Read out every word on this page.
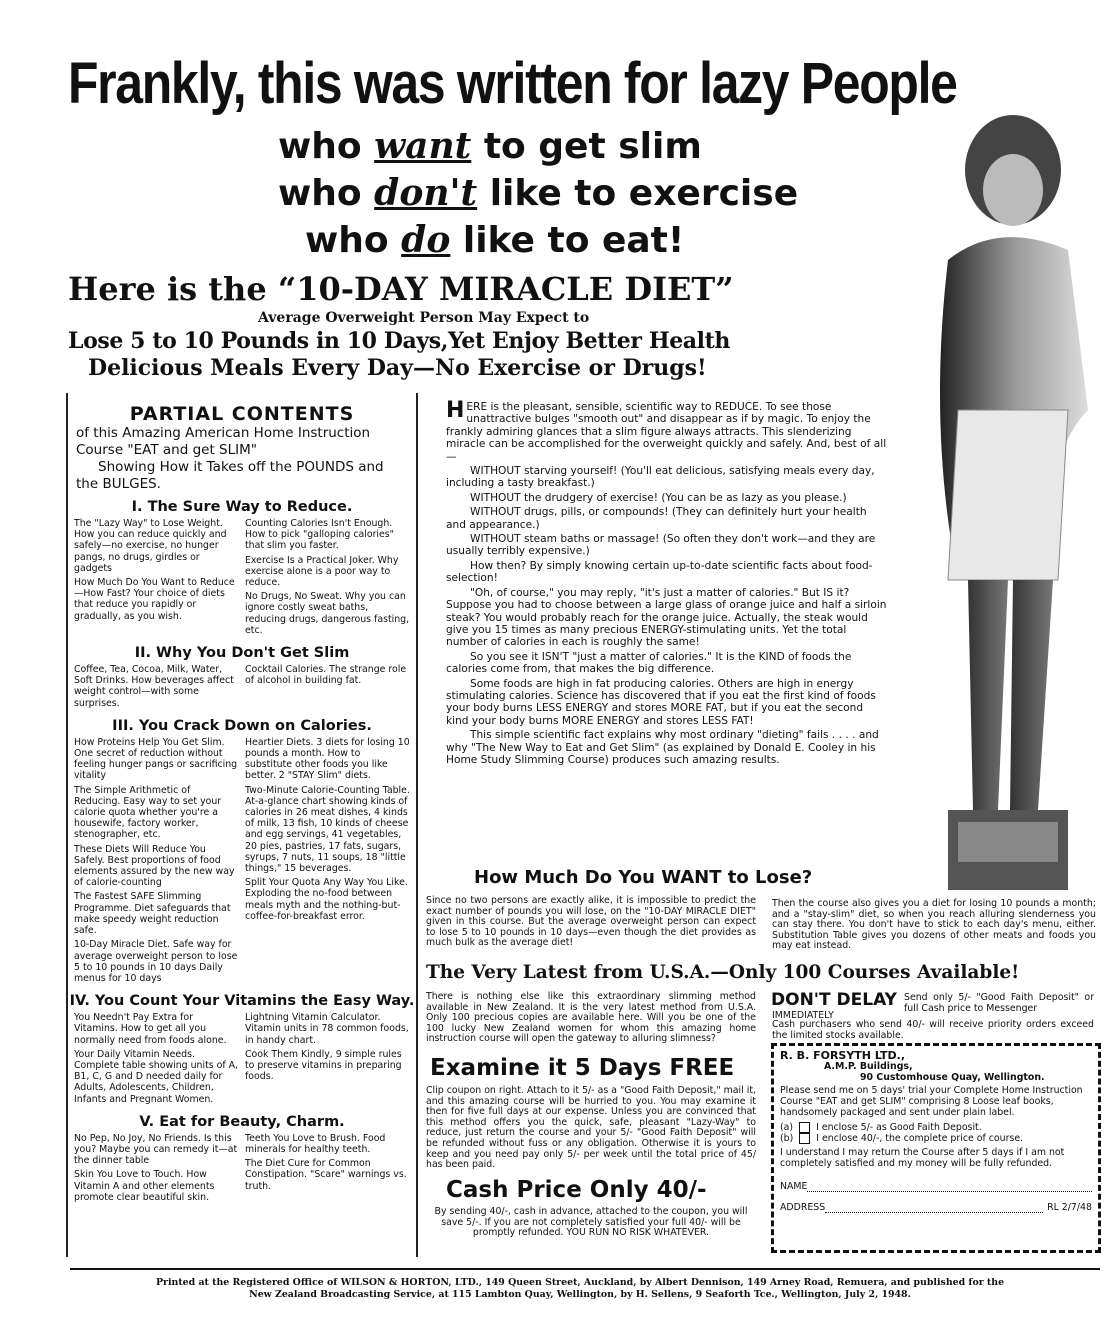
Frankly, this was written for lazy People
who want to get slim
who don't like to exercise
who do like to eat!
Here is the “10-DAY MIRACLE DIET”
Average Overweight Person May Expect to
Lose 5 to 10 Pounds in 10 Days,Yet Enjoy Better Health
Delicious Meals Every Day—No Exercise or Drugs!
PARTIAL CONTENTS
of this Amazing American Home Instruction Course "EAT and get SLIM"
Showing How it Takes off the POUNDS and the BULGES.
I. The Sure Way to Reduce.

The "Lazy Way" to Lose Weight. How you can reduce quickly and safely—no exercise, no hunger pangs, no drugs, girdles or gadgets

How Much Do You Want to Reduce—How Fast? Your choice of diets that reduce you rapidly or gradually, as you wish.

Counting Calories Isn't Enough. How to pick "galloping calories" that slim you faster.

Exercise Is a Practical Joker. Why exercise alone is a poor way to reduce.

No Drugs, No Sweat. Why you can ignore costly sweat baths, reducing drugs, dangerous fasting, etc.

II. Why You Don't Get Slim

Coffee, Tea, Cocoa, Milk, Water, Soft Drinks. How beverages affect weight control—with some surprises.

Cocktail Calories. The strange role of alcohol in building fat.

III. You Crack Down on Calories.

How Proteins Help You Get Slim. One secret of reduction without feeling hunger pangs or sacrificing vitality

The Simple Arithmetic of Reducing. Easy way to set your calorie quota whether you're a housewife, factory worker, stenographer, etc.

These Diets Will Reduce You Safely. Best proportions of food elements assured by the new way of calorie-counting

The Fastest SAFE Slimming Programme. Diet safeguards that make speedy weight reduction safe.

10-Day Miracle Diet. Safe way for average overweight person to lose 5 to 10 pounds in 10 days Daily menus for 10 days

Heartier Diets. 3 diets for losing 10 pounds a month. How to substitute other foods you like better. 2 "STAY Slim" diets.

Two-Minute Calorie-Counting Table. At-a-glance chart showing kinds of calories in 26 meat dishes, 4 kinds of milk, 13 fish, 10 kinds of cheese and egg servings, 41 vegetables, 20 pies, pastries, 17 fats, sugars, syrups, 7 nuts, 11 soups, 18 "little things," 15 beverages.

Split Your Quota Any Way You Like. Exploding the no-food between meals myth and the nothing-but-coffee-for-breakfast error.

IV. You Count Your Vitamins the Easy Way.

You Needn't Pay Extra for Vitamins. How to get all you normally need from foods alone.

Your Daily Vitamin Needs. Complete table showing units of A, B1, C, G and D needed daily for Adults, Adolescents, Children, Infants and Pregnant Women.

Lightning Vitamin Calculator. Vitamin units in 78 common foods, in handy chart.

Cook Them Kindly, 9 simple rules to preserve vitamins in preparing foods.

V. Eat for Beauty, Charm.

No Pep, No Joy, No Friends. Is this you? Maybe you can remedy it—at the dinner table

Skin You Love to Touch. How Vitamin A and other elements promote clear beautiful skin.

Teeth You Love to Brush. Food minerals for healthy teeth.

The Diet Cure for Common Constipation. "Scare" warnings vs. truth.

HERE is the pleasant, sensible, scientific way to REDUCE. To see those unattractive bulges "smooth out" and disappear as if by magic. To enjoy the frankly admiring glances that a slim figure always attracts. This slenderizing miracle can be accomplished for the overweight quickly and safely. And, best of all—

WITHOUT starving yourself! (You'll eat delicious, satisfying meals every day, including a tasty breakfast.)

WITHOUT the drudgery of exercise! (You can be as lazy as you please.)

WITHOUT drugs, pills, or compounds! (They can definitely hurt your health and appearance.)

WITHOUT steam baths or massage! (So often they don't work—and they are usually terribly expensive.)

How then? By simply knowing certain up-to-date scientific facts about food-selection!

"Oh, of course," you may reply, "it's just a matter of calories." But IS it? Suppose you had to choose between a large glass of orange juice and half a sirloin steak? You would probably reach for the orange juice. Actually, the steak would give you 15 times as many precious ENERGY-stimulating units. Yet the total number of calories in each is roughly the same!

So you see it ISN'T "just a matter of calories." It is the KIND of foods the calories come from, that makes the big difference.

Some foods are high in fat producing calories. Others are high in energy stimulating calories. Science has discovered that if you eat the first kind of foods your body burns LESS ENERGY and stores MORE FAT, but if you eat the second kind your body burns MORE ENERGY and stores LESS FAT!

This simple scientific fact explains why most ordinary "dieting" fails . . . . and why "The New Way to Eat and Get Slim" (as explained by Donald E. Cooley in his Home Study Slimming Course) produces such amazing results.

How Much Do You WANT to Lose?
Since no two persons are exactly alike, it is impossible to predict the exact number of pounds you will lose, on the "10-DAY MIRACLE DIET" given in this course. But the average overweight person can expect to lose 5 to 10 pounds in 10 days—even though the diet provides as much bulk as the average diet!
Then the course also gives you a diet for losing 10 pounds a month; and a "stay-slim" diet, so when you reach alluring slenderness you can stay there. You don't have to stick to each day's menu, either. Substitution Table gives you dozens of other meats and foods you may eat instead.
The Very Latest from U.S.A.—Only 100 Courses Available!
There is nothing else like this extraordinary slimming method available in New Zealand. It is the very latest method from U.S.A. Only 100 precious copies are available here. Will you be one of the 100 lucky New Zealand women for whom this amazing home instruction course will open the gateway to alluring slimness?
Examine it 5 Days FREE
Clip coupon on right. Attach to it 5/- as a "Good Faith Deposit," mail it, and this amazing course will be hurried to you. You may examine it then for five full days at our expense. Unless you are convinced that this method offers you the quick, safe, pleasant "Lazy-Way" to reduce, just return the course and your 5/- "Good Faith Deposit" will be refunded without fuss or any obligation. Otherwise it is yours to keep and you need pay only 5/- per week until the total price of 45/ has been paid.
Cash Price Only 40/-
By sending 40/-, cash in advance, attached to the coupon, you will save 5/-. If you are not completely satisfied your full 40/- will be promptly refunded. YOU RUN NO RISK WHATEVER.
DON'T DELAY
IMMEDIATELY
Send only 5/- "Good Faith Deposit" or full Cash price to Messenger
Cash purchasers who send 40/- will receive priority orders exceed the limited stocks available.
R. B. FORSYTH LTD.,
A.M.P. Buildings,
90 Customhouse Quay, Wellington.
Please send me on 5 days' trial your Complete Home Instruction Course "EAT and get SLIM" comprising 8 Loose leaf books, handsomely packaged and sent under plain label.
(a) I enclose 5/- as Good Faith Deposit.
(b) I enclose 40/-, the complete price of course.
I understand I may return the Course after 5 days if I am not completely satisfied and my money will be fully refunded.
NAME
ADDRESS	RL 2/7/48
Printed at the Registered Office of WILSON & HORTON, LTD., 149 Queen Street, Auckland, by Albert Dennison, 149 Arney Road, Remuera, and published for the
New Zealand Broadcasting Service, at 115 Lambton Quay, Wellington, by H. Sellens, 9 Seaforth Tce., Wellington, July 2, 1948.
